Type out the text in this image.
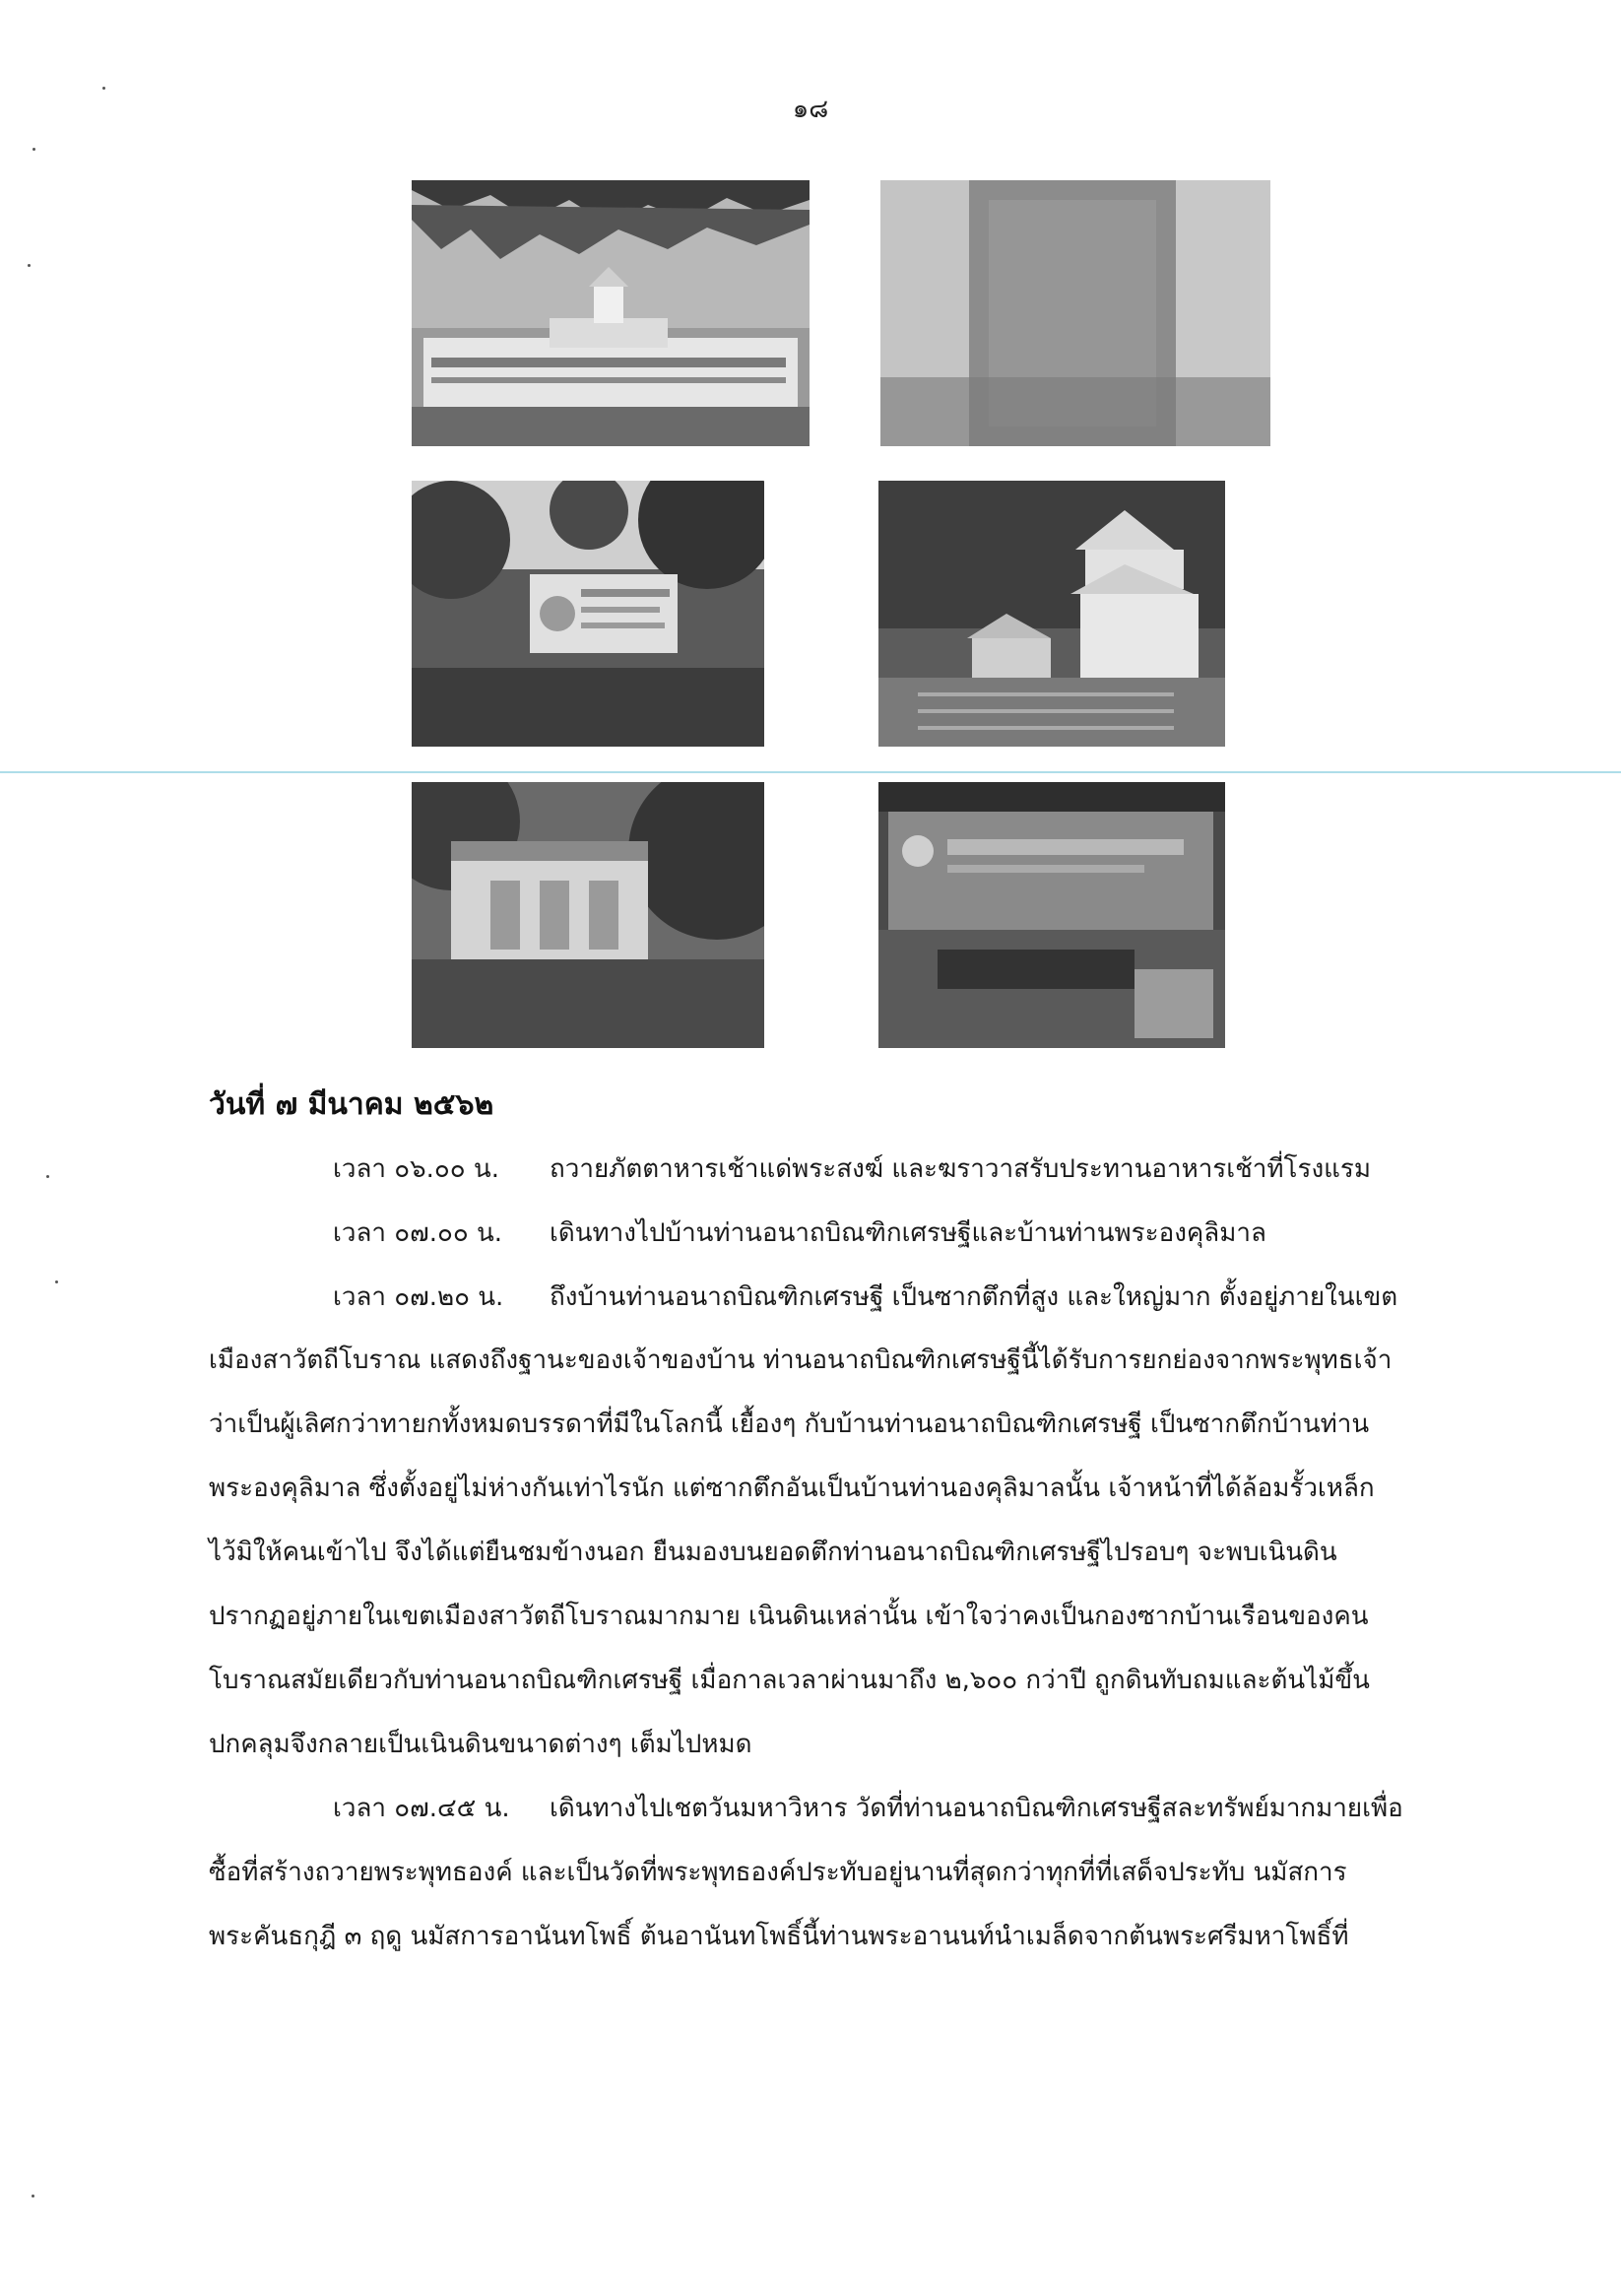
๑๘
วันที่ ๗ มีนาคม ๒๕๖๒
เวลา ๐๖.๐๐ น. ถวายภัตตาหารเช้าแด่พระสงฆ์ และฆราวาสรับประทานอาหารเช้าที่โรงแรม
เวลา ๐๗.๐๐ น. เดินทางไปบ้านท่านอนาถบิณฑิกเศรษฐีและบ้านท่านพระองคุลิมาล
เวลา ๐๗.๒๐ น. ถึงบ้านท่านอนาถบิณฑิกเศรษฐี เป็นซากตึกที่สูง และใหญ่มาก ตั้งอยู่ภายในเขต
เมืองสาวัตถีโบราณ แสดงถึงฐานะของเจ้าของบ้าน ท่านอนาถบิณฑิกเศรษฐีนี้ได้รับการยกย่องจากพระพุทธเจ้า
ว่าเป็นผู้เลิศกว่าทายกทั้งหมดบรรดาที่มีในโลกนี้ เยื้องๆ กับบ้านท่านอนาถบิณฑิกเศรษฐี เป็นซากตึกบ้านท่าน
พระองคุลิมาล ซึ่งตั้งอยู่ไม่ห่างกันเท่าไรนัก แต่ซากตึกอันเป็นบ้านท่านองคุลิมาลนั้น เจ้าหน้าที่ได้ล้อมรั้วเหล็ก
ไว้มิให้คนเข้าไป จึงได้แต่ยืนชมข้างนอก ยืนมองบนยอดตึกท่านอนาถบิณฑิกเศรษฐีไปรอบๆ จะพบเนินดิน
ปรากฏอยู่ภายในเขตเมืองสาวัตถีโบราณมากมาย เนินดินเหล่านั้น เข้าใจว่าคงเป็นกองซากบ้านเรือนของคน
โบราณสมัยเดียวกับท่านอนาถบิณฑิกเศรษฐี เมื่อกาลเวลาผ่านมาถึง ๒,๖๐๐ กว่าปี ถูกดินทับถมและต้นไม้ขึ้น
ปกคลุมจึงกลายเป็นเนินดินขนาดต่างๆ เต็มไปหมด
เวลา ๐๗.๔๕ น. เดินทางไปเชตวันมหาวิหาร วัดที่ท่านอนาถบิณฑิกเศรษฐีสละทรัพย์มากมายเพื่อ
ซื้อที่สร้างถวายพระพุทธองค์ และเป็นวัดที่พระพุทธองค์ประทับอยู่นานที่สุดกว่าทุกที่ที่เสด็จประทับ นมัสการ
พระคันธกุฎี ๓ ฤดู นมัสการอานันทโพธิ์ ต้นอานันทโพธิ์นี้ท่านพระอานนท์นำเมล็ดจากต้นพระศรีมหาโพธิ์ที่
